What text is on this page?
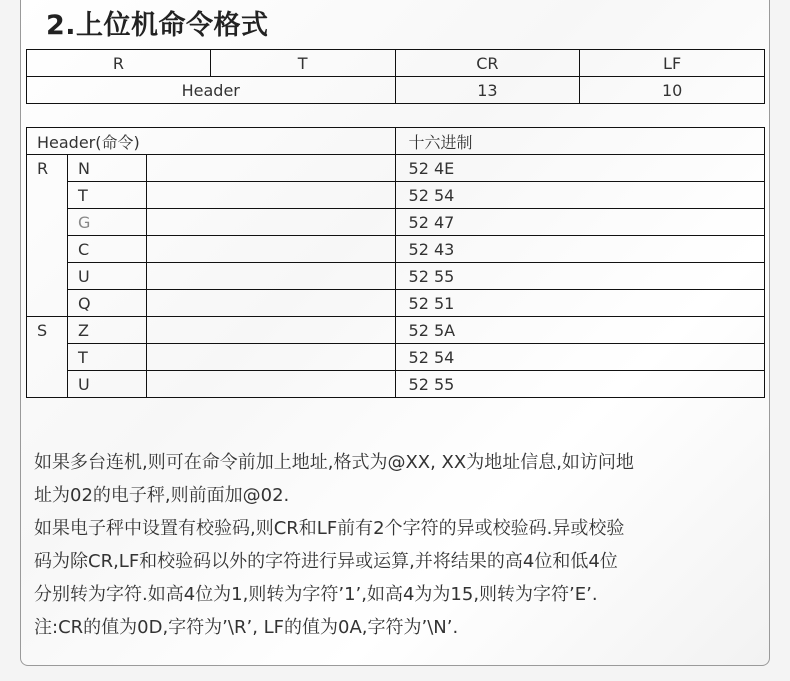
2.上位机命令格式
R	T	CR	LF
Header		13	10
Header(命令)			十六进制
R	N		52 4E
	T		52 54
	G		52 47
	C		52 43
	U		52 55
	Q		52 51
S	Z		52 5A
	T		52 54
	U		52 55

如果多台连机,则可在命令前加上地址,格式为@XX, XX为地址信息,如访问地

址为02的电子秤,则前面加@02.

如果电子秤中设置有校验码,则CR和LF前有2个字符的异或校验码.异或校验

码为除CR,LF和校验码以外的字符进行异或运算,并将结果的高4位和低4位

分别转为字符.如高4位为1,则转为字符’1’,如高4为为15,则转为字符’E’.

注:CR的值为0D,字符为’\R’, LF的值为0A,字符为’\N’.
